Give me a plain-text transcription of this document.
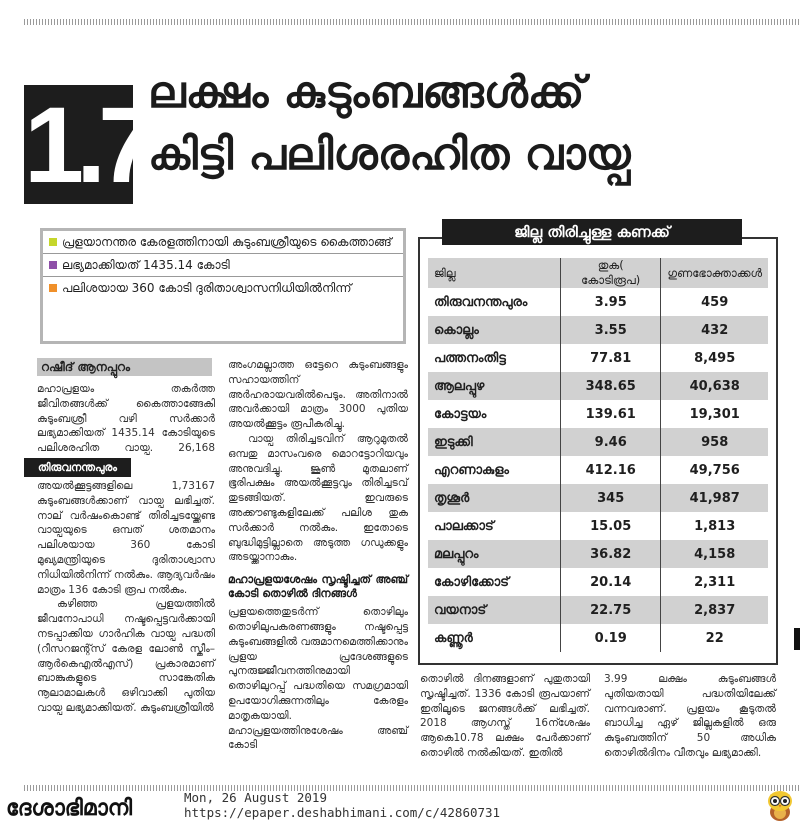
1.7
ലക്ഷം കുടുംബങ്ങൾക്ക്
കിട്ടി പലിശരഹിത വായ്പ
പ്രളയാനന്തര കേരളത്തിനായി കുടുംബശ്രീയുടെ കൈത്താങ്ങ്
ലഭ്യമാക്കിയത് 1435.14 കോടി
പലിശയായ 360 കോടി ദുരിതാശ്വാസനിധിയിൽനിന്ന്
റഷീദ് ആനപ്പുറം
തിരുവനന്തപുരം
മഹാപ്രളയം തകർത്ത ജീവിതങ്ങൾക്ക് കൈത്താങ്ങേകി കുടുംബശ്രീ വഴി സർക്കാർ ലഭ്യമാക്കിയത് 1435.14 കോടിയുടെ പലിശരഹിത വായ്പ. 26,168 അയൽക്കൂട്ടങ്ങളിലെ 1,73167 കുടുംബങ്ങൾക്കാണ് വായ്പ ലഭിച്ചത്. നാല് വർഷംകൊണ്ട് തിരിച്ചടയ്ക്കേണ്ട വായ്പയുടെ ഒമ്പത് ശതമാനം പലിശയായ 360 കോടി മുഖ്യമന്ത്രിയുടെ ദുരിതാശ്വാസ നിധിയിൽനിന്ന് നൽകും. ആദ്യവർഷം മാത്രം 136 കോടി രൂപ നൽകും.
കഴിഞ്ഞ പ്രളയത്തിൽ ജീവനോപാധി നഷ്ടപ്പെട്ടവർക്കായി നടപ്പാക്കിയ ഗാർഹിക വായ്പ പദ്ധതി (റീസറജന്റ്സ് കേരള ലോൺ സ്കീം–ആർകെഎൽഎസ്) പ്രകാരമാണ് ബാങ്കുകളുടെ സാങ്കേതിക നൂലാമാലകൾ ഒഴിവാക്കി പുതിയ വായ്പ ലഭ്യമാക്കിയത്. കുടുംബശ്രീയിൽ
അംഗമല്ലാത്ത ഒട്ടേറെ കുടുംബങ്ങളും സഹായത്തിന് അർഹരായവരിൽപെടും. അതിനാൽ അവർക്കായി മാത്രം 3000 പുതിയ അയൽക്കൂട്ടം രൂപീകരിച്ചു.
വായ്പ തിരിച്ചടവിന് ആറുമുതൽ ഒമ്പതു മാസംവരെ മൊറട്ടോറിയവും അനുവദിച്ചു. ജൂൺ മുതലാണ് ഭൂരിപക്ഷം അയൽക്കൂട്ടവും തിരിച്ചടവ് തുടങ്ങിയത്. ഇവരുടെ അക്കൗണ്ടുകളിലേക്ക് പലിശ തുക സർക്കാർ നൽകും. ഇതോടെ ബുദ്ധിമുട്ടില്ലാതെ അടുത്ത ഗഡുക്കളും അടയ്ക്കാനാകും.
മഹാപ്രളയശേഷം സൃഷ്ടിച്ചത് അഞ്ച് കോടി തൊഴിൽ ദിനങ്ങൾ
പ്രളയത്തെതുടർന്ന് തൊഴിലും തൊഴിലുപകരണങ്ങളും നഷ്ടപ്പെട്ട കുടുംബങ്ങളിൽ വരുമാനമെത്തിക്കാനും പ്രളയ പ്രദേശങ്ങളുടെ പുനരുജ്ജീവനത്തിനുമായി തൊഴിലുറപ്പ് പദ്ധതിയെ സമഗ്രമായി ഉപയോഗിക്കുന്നതിലും കേരളം മാതൃകയായി. മഹാപ്രളയത്തിനുശേഷം അഞ്ച് കോടി
തൊഴിൽ ദിനങ്ങളാണ് പുതുതായി സൃഷ്ടിച്ചത്. 1336 കോടി രൂപയാണ് ഇതിലൂടെ ജനങ്ങൾക്ക് ലഭിച്ചത്. 2018 ആഗസ്ത് 16ന്ശേഷം ആകെ10.78 ലക്ഷം പേർക്കാണ് തൊഴിൽ നൽകിയത്. ഇതിൽ
3.99 ലക്ഷം കുടുംബങ്ങൾ പുതിയതായി പദ്ധതിയിലേക്ക് വന്നവരാണ്. പ്രളയം കൂടുതൽ ബാധിച്ച ഏഴ് ജില്ലകളിൽ ഒരു കുടുംബത്തിന് 50 അധിക തൊഴിൽദിനം വീതവും ലഭ്യമാക്കി.
ജില്ല തിരിച്ചുള്ള കണക്ക്
ജില്ല	തുക( കോടിരൂപ)	ഗുണഭോക്താക്കൾ
തിരുവനന്തപുരം	3.95	459
കൊല്ലം	3.55	432
പത്തനംതിട്ട	77.81	8,495
ആലപ്പുഴ	348.65	40,638
കോട്ടയം	139.61	19,301
ഇടുക്കി	9.46	958
എറണാകുളം	412.16	49,756
തൃശൂർ	345	41,987
പാലക്കാട്	15.05	1,813
മലപ്പുറം	36.82	4,158
കോഴിക്കോട്	20.14	2,311
വയനാട്	22.75	2,837
കണ്ണൂർ	0.19	22
ദേശാഭിമാനി	Mon, 26 August 2019
https://epaper.deshabhimani.com/c/42860731
